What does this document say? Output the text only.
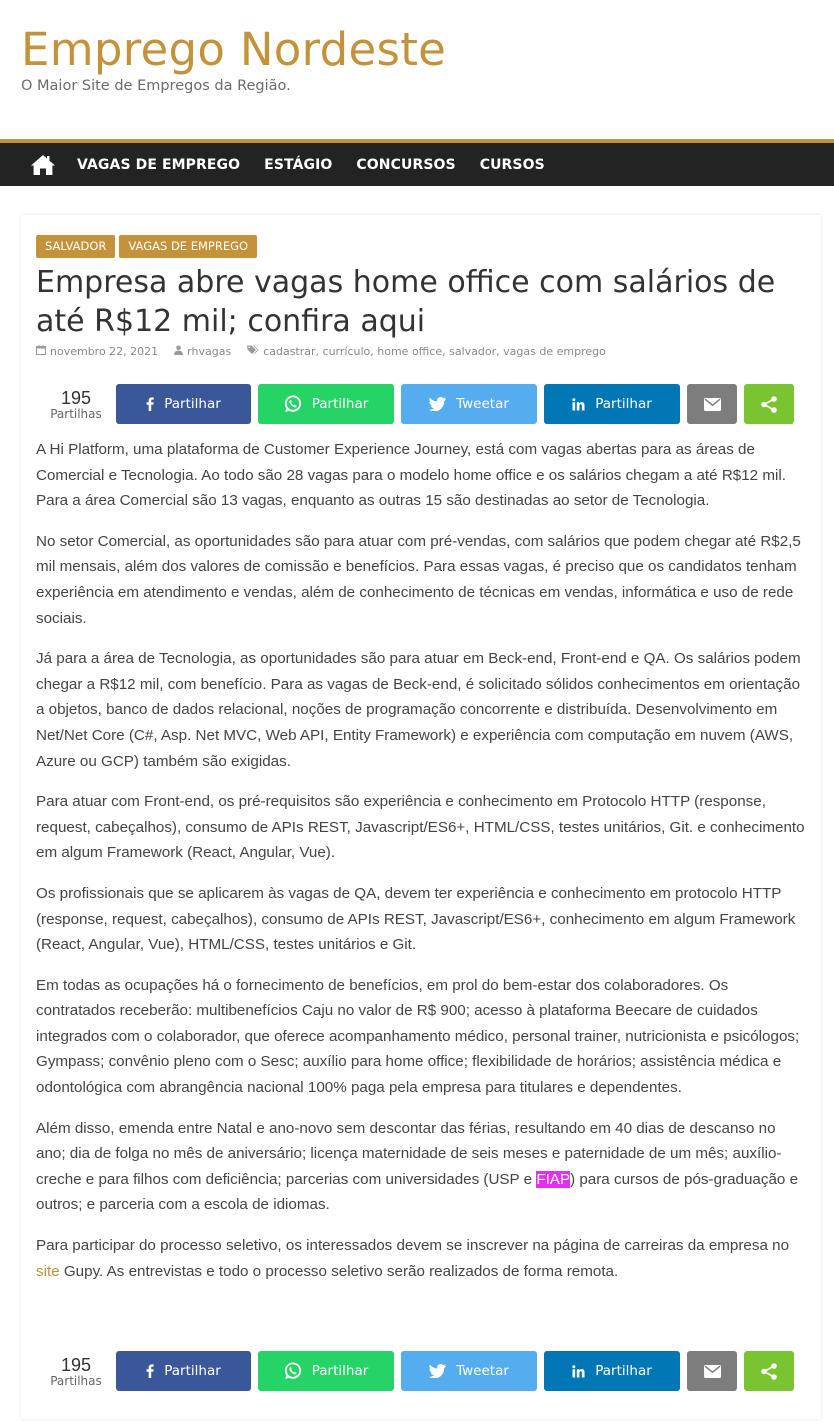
Emprego Nordeste
O Maior Site de Empregos da Região.
VAGAS DE EMPREGO ESTÁGIO CONCURSOS CURSOS
SALVADOR	VAGAS DE EMPREGO
Empresa abre vagas home office com salários de até R$12 mil; confira aqui
novembro 22, 2021	rhvagas	cadastrar , currículo , home office , salvador , vagas de emprego
195
Partilhas
Partilhar	Partilhar	Tweetar	Partilhar

A Hi Platform, uma plataforma de Customer Experience Journey, está com vagas abertas para as áreas de Comercial e Tecnologia. Ao todo são 28 vagas para o modelo home office e os salários chegam a até R$12 mil. Para a área Comercial são 13 vagas, enquanto as outras 15 são destinadas ao setor de Tecnologia.

No setor Comercial, as oportunidades são para atuar com pré-vendas, com salários que podem chegar até R$2,5 mil mensais, além dos valores de comissão e benefícios. Para essas vagas, é preciso que os candidatos tenham experiência em atendimento e vendas, além de conhecimento de técnicas em vendas, informática e uso de rede sociais.

Já para a área de Tecnologia, as oportunidades são para atuar em Beck-end, Front-end e QA. Os salários podem chegar a R$12 mil, com benefício. Para as vagas de Beck-end, é solicitado sólidos conhecimentos em orientação a objetos, banco de dados relacional, noções de programação concorrente e distribuída. Desenvolvimento em Net/Net Core (C#, Asp. Net MVC, Web API, Entity Framework) e experiência com computação em nuvem (AWS, Azure ou GCP) também são exigidas.

Para atuar com Front-end, os pré-requisitos são experiência e conhecimento em Protocolo HTTP (response, request, cabeçalhos), consumo de APIs REST, Javascript/ES6+, HTML/CSS, testes unitários, Git. e conhecimento em algum Framework (React, Angular, Vue).

Os profissionais que se aplicarem às vagas de QA, devem ter experiência e conhecimento em protocolo HTTP (response, request, cabeçalhos), consumo de APIs REST, Javascript/ES6+, conhecimento em algum Framework (React, Angular, Vue), HTML/CSS, testes unitários e Git.

Em todas as ocupações há o fornecimento de benefícios, em prol do bem-estar dos colaboradores. Os contratados receberão: multibenefícios Caju no valor de R$ 900; acesso à plataforma Beecare de cuidados integrados com o colaborador, que oferece acompanhamento médico, personal trainer, nutricionista e psicólogos; Gympass; convênio pleno com o Sesc; auxílio para home office; flexibilidade de horários; assistência médica e odontológica com abrangência nacional 100% paga pela empresa para titulares e dependentes.

Além disso, emenda entre Natal e ano-novo sem descontar das férias, resultando em 40 dias de descanso no ano; dia de folga no mês de aniversário; licença maternidade de seis meses e paternidade de um mês; auxílio-creche e para filhos com deficiência; parcerias com universidades (USP e FIAP) para cursos de pós-graduação e outros; e parceria com a escola de idiomas.

Para participar do processo seletivo, os interessados devem se inscrever na página de carreiras da empresa no site Gupy. As entrevistas e todo o processo seletivo serão realizados de forma remota.

195
Partilhas
Partilhar	Partilhar	Tweetar	Partilhar
